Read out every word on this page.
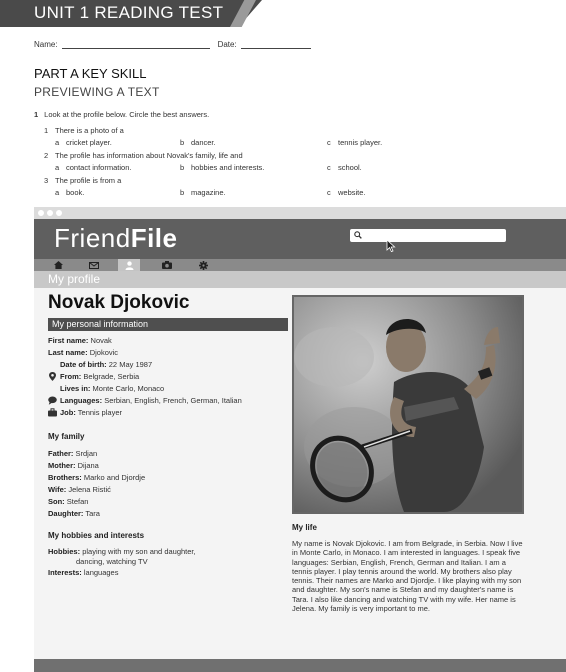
UNIT 1 READING TEST
Name:	Date:
PART A KEY SKILL
PREVIEWING A TEXT
1 Look at the profile below. Circle the best answers.
1 There is a photo of a
a cricket player.	b dancer.	c tennis player.
2 The profile has information about Novak's family, life and
a contact information.	b hobbies and interests.	c school.
3 The profile is from a
a book.	b magazine.	c website.
FriendFile
My profile
Novak Djokovic
My personal information
First name: Novak
Last name: Djokovic
Date of birth: 22 May 1987
From: Belgrade, Serbia
Lives in: Monte Carlo, Monaco
Languages: Serbian, English, French, German, Italian
Job: Tennis player
My family
Father: Srdjan
Mother: Dijana
Brothers: Marko and Djordje
Wife: Jelena Ristić
Son: Stefan
Daughter: Tara
My hobbies and interests
Hobbies: playing with my son and daughter,
dancing, watching TV
Interests: languages
My life
My name is Novak Djokovic. I am from Belgrade, in Serbia. Now I live in Monte Carlo, in Monaco. I am interested in languages. I speak five languages: Serbian, English, French, German and Italian. I am a tennis player. I play tennis around the world. My brothers also play tennis. Their names are Marko and Djordje. I like playing with my son and daughter. My son's name is Stefan and my daughter's name is Tara. I also like dancing and watching TV with my wife. Her name is Jelena. My family is very important to me.
